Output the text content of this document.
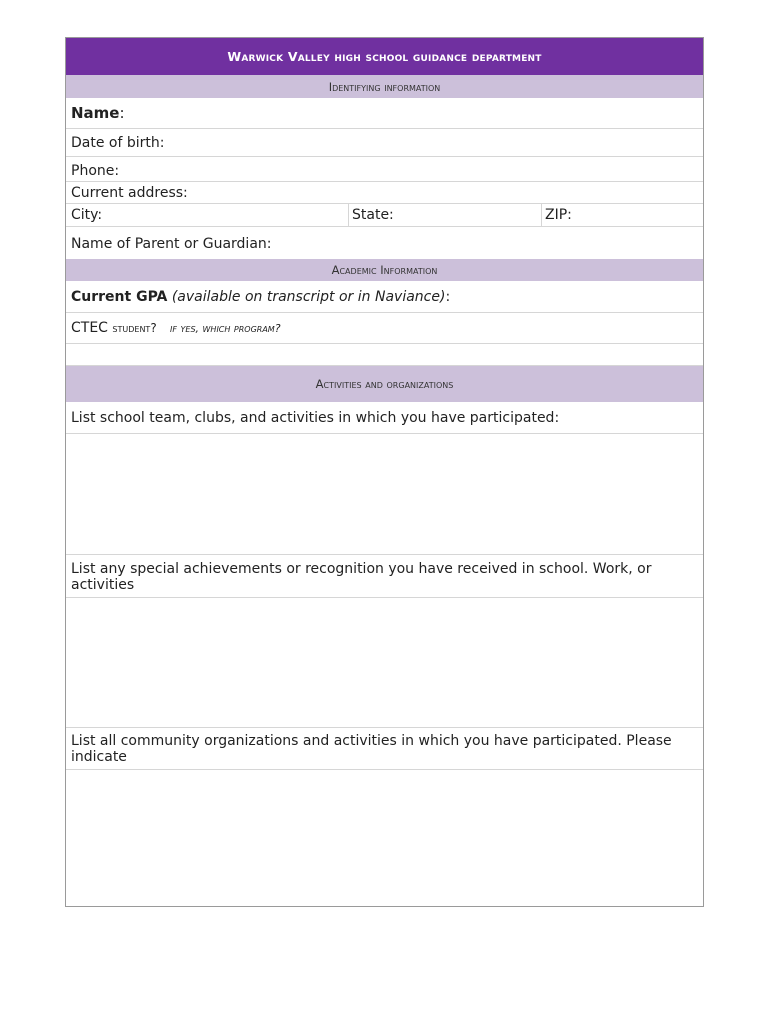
Warwick Valley high school guidance department
Identifying information
Name :
Date of birth:
Phone:
Current address:
City:	State:	ZIP:
Name of Parent or Guardian:
Academic Information
Current GPA
(available on transcript or in Naviance) :
CTEC
student?
if yes, which program?
Activities and organizations
List school team, clubs, and activities in which you have participated:
List any special achievements or recognition you have received in school. Work, or activities
List all community organizations and activities in which you have participated. Please indicate
